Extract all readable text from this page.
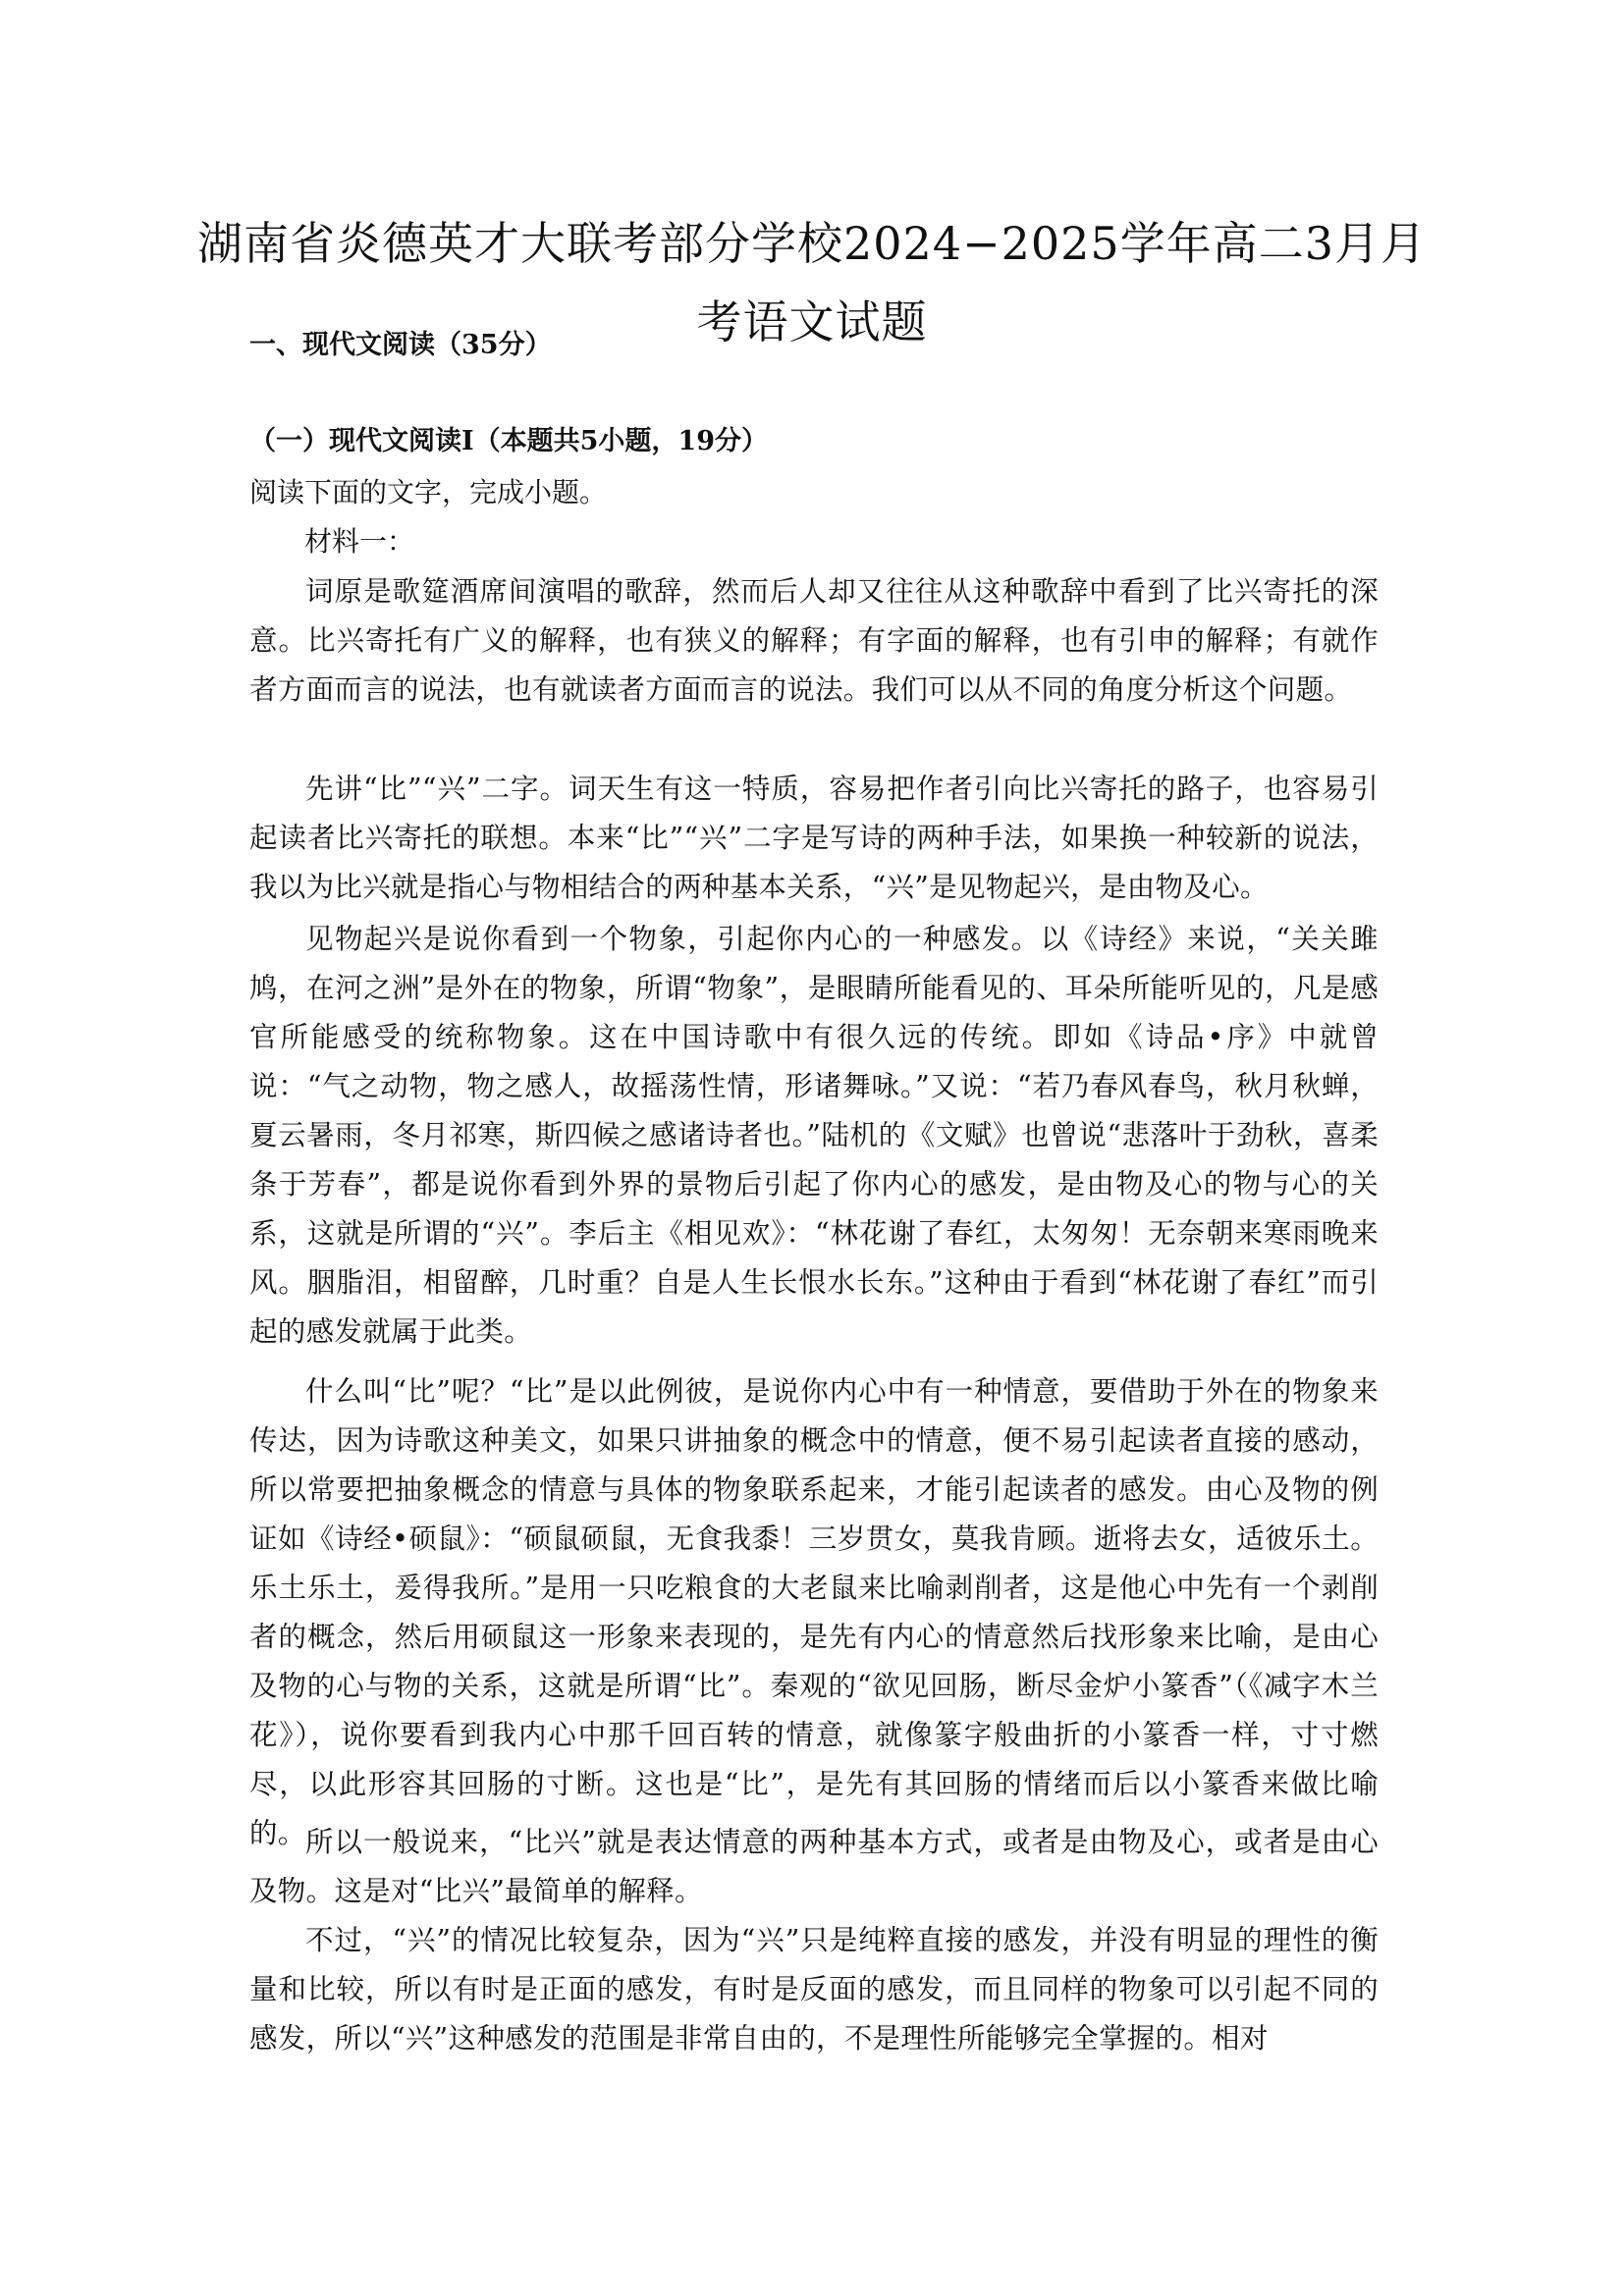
湖南省炎德英才大联考部分学校2024−2025学年高二3月月
考语文试题
一、现代文阅读（35分）
（一）现代文阅读Ⅰ（本题共5小题，19分）
阅读下面的文字，完成小题。
材料一：
词原是歌筵酒席间演唱的歌辞，然而后人却又往往从这种歌辞中看到了比兴寄托的深意。比兴寄托有广义的解释，也有狭义的解释；有字面的解释，也有引申的解释；有就作者方面而言的说法，也有就读者方面而言的说法。我们可以从不同的角度分析这个问题。
先讲“比”“兴”二字。词天生有这一特质，容易把作者引向比兴寄托的路子，也容易引起读者比兴寄托的联想。本来“比”“兴”二字是写诗的两种手法，如果换一种较新的说法，我以为比兴就是指心与物相结合的两种基本关系，“兴”是见物起兴，是由物及心。
见物起兴是说你看到一个物象，引起你内心的一种感发。以《诗经》来说，“关关雎鸠，在河之洲”是外在的物象，所谓“物象”，是眼睛所能看见的、耳朵所能听见的，凡是感官所能感受的统称物象。这在中国诗歌中有很久远的传统。即如《诗品•序》中就曾说：“气之动物，物之感人，故摇荡性情，形诸舞咏。”又说：“若乃春风春鸟，秋月秋蝉，夏云暑雨，冬月祁寒，斯四候之感诸诗者也。”陆机的《文赋》也曾说“悲落叶于劲秋，喜柔条于芳春”，都是说你看到外界的景物后引起了你内心的感发，是由物及心的物与心的关系，这就是所谓的“兴”。李后主《相见欢》：“林花谢了春红，太匆匆！无奈朝来寒雨晚来风。胭脂泪，相留醉，几时重？自是人生长恨水长东。”这种由于看到“林花谢了春红”而引起的感发就属于此类。
什么叫“比”呢？“比”是以此例彼，是说你内心中有一种情意，要借助于外在的物象来传达，因为诗歌这种美文，如果只讲抽象的概念中的情意，便不易引起读者直接的感动，所以常要把抽象概念的情意与具体的物象联系起来，才能引起读者的感发。由心及物的例证如《诗经•硕鼠》：“硕鼠硕鼠，无食我黍！三岁贯女，莫我肯顾。逝将去女，适彼乐土。乐土乐土，爰得我所。”是用一只吃粮食的大老鼠来比喻剥削者，这是他心中先有一个剥削者的概念，然后用硕鼠这一形象来表现的，是先有内心的情意然后找形象来比喻，是由心及物的心与物的关系，这就是所谓“比”。秦观的“欲见回肠，断尽金炉小篆香”（《减字木兰花》），说你要看到我内心中那千回百转的情意，就像篆字般曲折的小篆香一样，寸寸燃尽，以此形容其回肠的寸断。这也是“比”，是先有其回肠的情绪而后以小篆香来做比喻的。 所以一般说来，“比兴”就是表达情意的两种基本方式，或者是由物及心，或者是由心及物。这是对“比兴”最简单的解释。
不过，“兴”的情况比较复杂，因为“兴”只是纯粹直接的感发，并没有明显的理性的衡量和比较，所以有时是正面的感发，有时是反面的感发，而且同样的物象可以引起不同的感发，所以“兴”这种感发的范围是非常自由的，不是理性所能够完全掌握的。相对
